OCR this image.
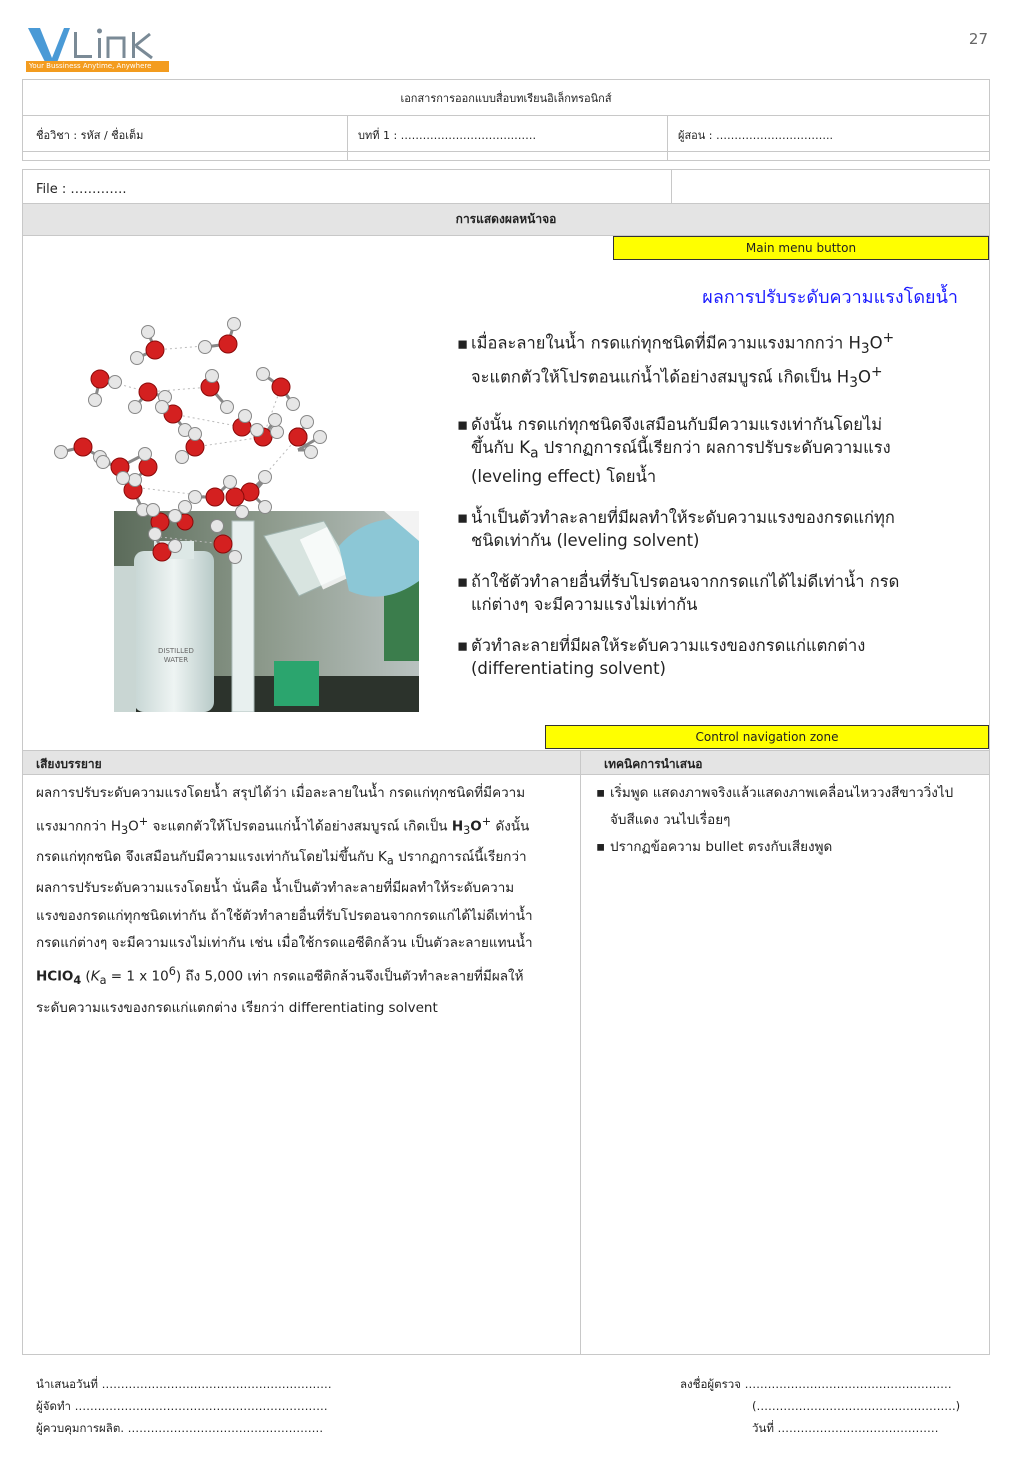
27
Your Bussiness Anytime, Anywhere
เอกสารการออกแบบสื่อบทเรียนอิเล็กทรอนิกส์
ชื่อวิชา : รหัส / ชื่อเต็ม	บทที่ 1 : ………………………….……	ผู้สอน : …………………………..
File : ………….
การแสดงผลหน้าจอ
Main menu button
Control navigation zone
ผลการปรับระดับความแรงโดยน้ำ
DISTILLED
WATER

▪ เมื่อละลายในน้ำ กรดแก่ทุกชนิดที่มีความแรงมากกว่า $H_3O^+$
จะแตกตัวให้โปรตอนแก่น้ำได้อย่างสมบูรณ์ เกิดเป็น $H_3O^+$

▪ ดังนั้น กรดแก่ทุกชนิดจึงเสมือนกับมีความแรงเท่ากันโดยไม่
ขึ้นกับ $K_a$ ปรากฏการณ์นี้เรียกว่า ผลการปรับระดับความแรง
(leveling effect) โดยน้ำ

▪ น้ำเป็นตัวทำละลายที่มีผลทำให้ระดับความแรงของกรดแก่ทุก
ชนิดเท่ากัน (leveling solvent)

▪ ถ้าใช้ตัวทำลายอื่นที่รับโปรตอนจากกรดแก่ได้ไม่ดีเท่าน้ำ กรด
แก่ต่างๆ จะมีความแรงไม่เท่ากัน

▪ ตัวทำละลายที่มีผลให้ระดับความแรงของกรดแก่แตกต่าง
(differentiating solvent)

เสียงบรรยาย	เทคนิคการนำเสนอ
ผลการปรับระดับความแรงโดยน้ำ สรุปได้ว่า เมื่อละลายในน้ำ กรดแก่ทุกชนิดที่มีความ
แรงมากกว่า $H_3O^+$ จะแตกตัวให้โปรตอนแก่น้ำได้อย่างสมบูรณ์ เกิดเป็น $H_3O^+$ ดังนั้น
กรดแก่ทุกชนิด จึงเสมือนกับมีความแรงเท่ากันโดยไม่ขึ้นกับ $K_a$ ปรากฏการณ์นี้เรียกว่า
ผลการปรับระดับความแรงโดยน้ำ นั่นคือ น้ำเป็นตัวทำละลายที่มีผลทำให้ระดับความ
แรงของกรดแก่ทุกชนิดเท่ากัน ถ้าใช้ตัวทำลายอื่นที่รับโปรตอนจากกรดแก่ได้ไม่ดีเท่าน้ำ
กรดแก่ต่างๆ จะมีความแรงไม่เท่ากัน เช่น เมื่อใช้กรดแอซีติกล้วน เป็นตัวละลายแทนน้ำ
HClO$_4$ ($K_a = 1$ x $10^6$) ถึง 5,000 เท่า กรดแอซีติกล้วนจึงเป็นตัวทำละลายที่มีผลให้
ระดับความแรงของกรดแก่แตกต่าง เรียกว่า differentiating solvent
▪ เริ่มพูด แสดงภาพจริงแล้วแสดงภาพเคลื่อนไหววงสีขาววิ่งไป
จับสีแดง วนไปเรื่อยๆ
▪ ปรากฏข้อความ bullet ตรงกับเสียงพูด
นำเสนอวันที่ ……………………………………………………
ผู้จัดทำ …………………………………………………………
ผู้ควบคุมการผลิต. ……………………………………………
ลงชื่อผู้ตรวจ ………………………………………………
(…………………………………………….)
วันที่ ……………………………………
